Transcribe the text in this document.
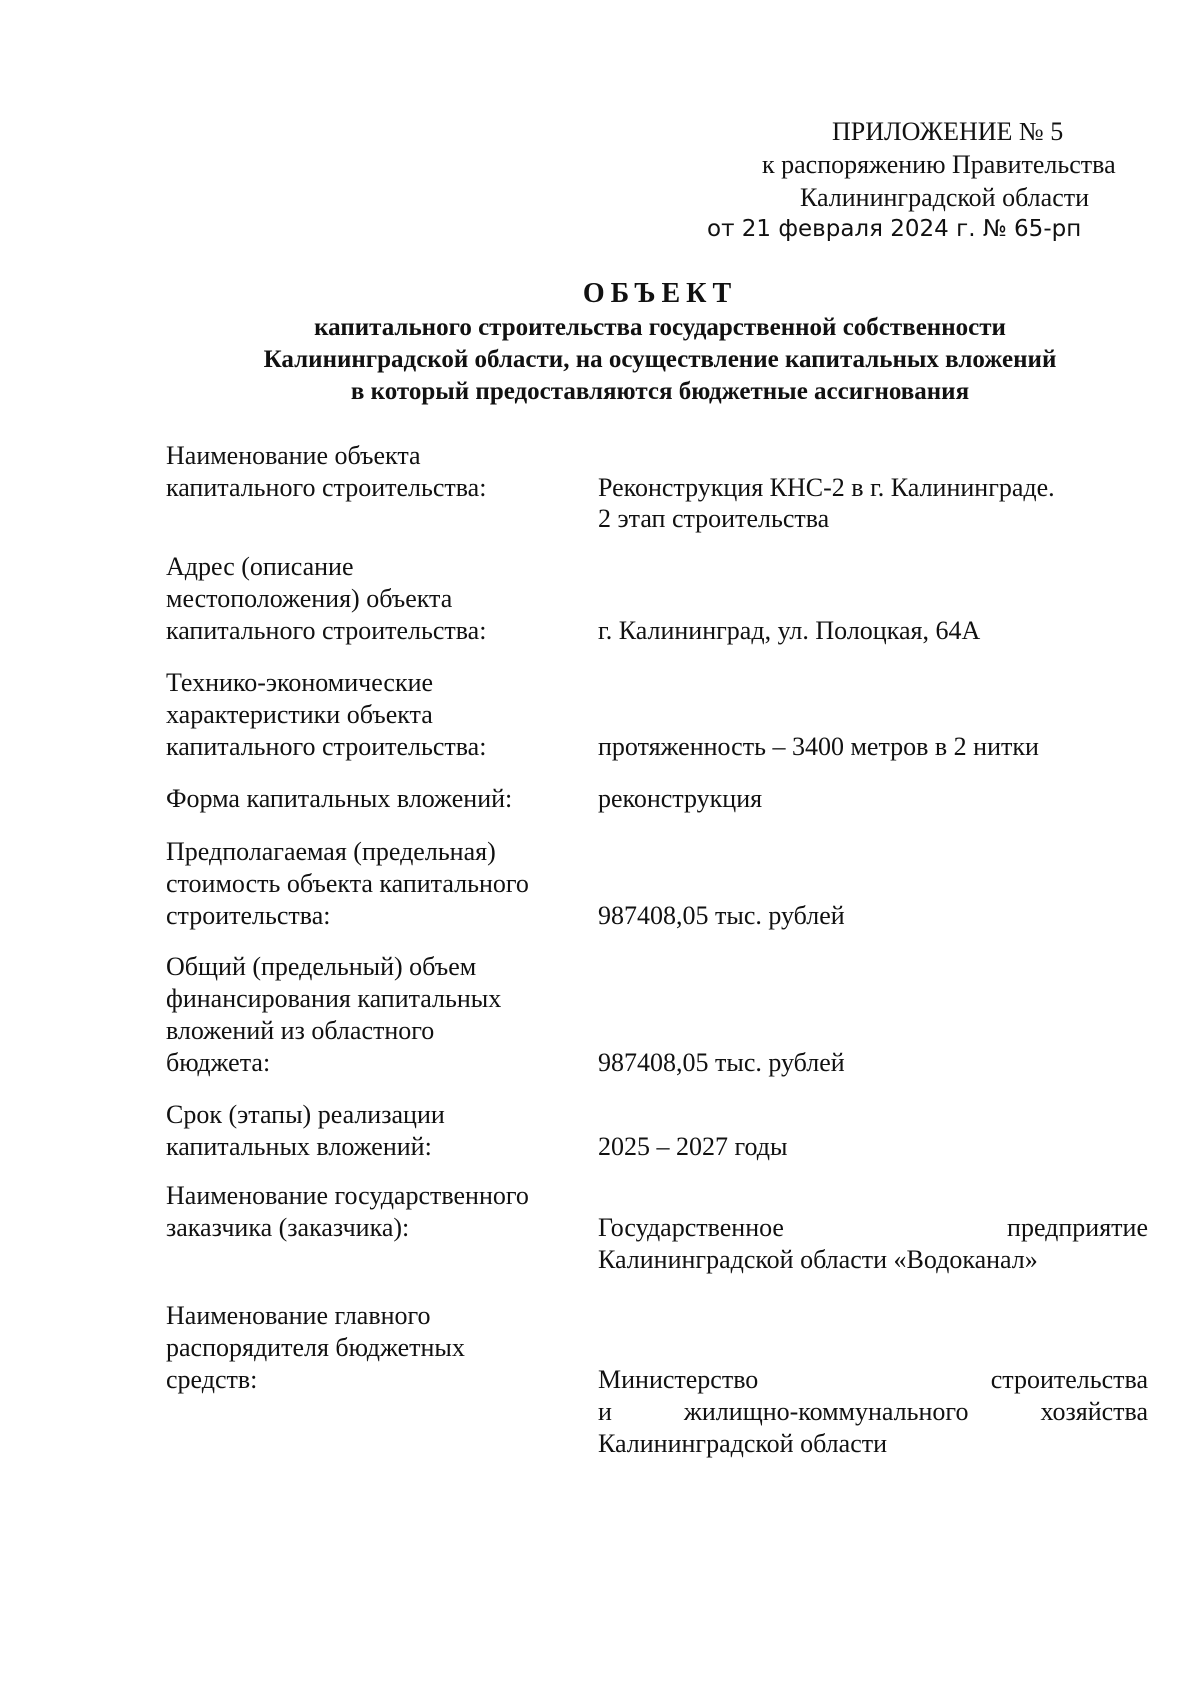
ПРИЛОЖЕНИЕ № 5
к распоряжению Правительства
Калининградской области
от 21 февраля 2024 г. № 65-рп
ОБЪЕКТ
капитального строительства государственной собственности
Калининградской области, на осуществление капитальных вложений
в который предоставляются бюджетные ассигнования
Наименование объекта
капитального строительства:	Реконструкция КНС-2 в г. Калининграде.
2 этап строительства
Адрес (описание
местоположения) объекта
капитального строительства:	г. Калининград, ул. Полоцкая, 64А
Технико-экономические
характеристики объекта
капитального строительства:	протяженность – 3400 метров в 2 нитки
Форма капитальных вложений:	реконструкция
Предполагаемая (предельная)
стоимость объекта капитального
строительства:	987408,05 тыс. рублей
Общий (предельный) объем
финансирования капитальных
вложений из областного
бюджета:	987408,05 тыс. рублей
Срок (этапы) реализации
капитальных вложений:	2025 – 2027 годы
Наименование государственного
заказчика (заказчика):	Государственное	предприятие
Калининградской области «Водоканал»
Наименование главного
распорядителя бюджетных
средств:	Министерство	строительства
и	жилищно-коммунального	хозяйства
Калининградской области
